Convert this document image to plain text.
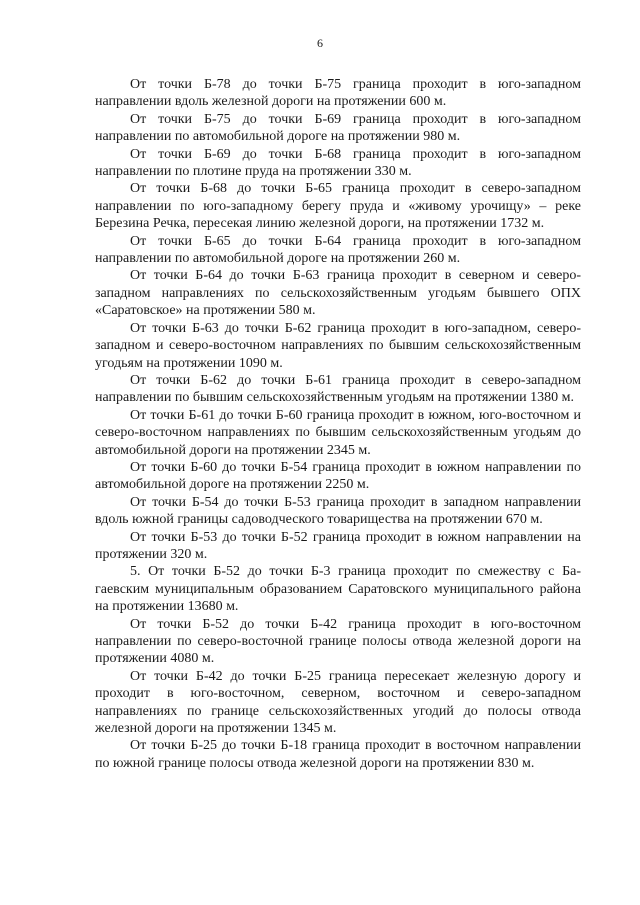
6

От точки Б-78 до точки Б-75 граница проходит в юго-западном направлении вдоль железной дороги на протяжении 600 м.

От точки Б-75 до точки Б-69 граница проходит в юго-западном направлении по автомобильной дороге на протяжении 980 м.

От точки Б-69 до точки Б-68 граница проходит в юго-западном направлении по плотине пруда на протяжении 330 м.

От точки Б-68 до точки Б-65 граница проходит в северо-западном направлении по юго-западному берегу пруда и «живому урочищу» – реке Березина Речка, пересекая линию железной дороги, на протяжении 1732 м.

От точки Б-65 до точки Б-64 граница проходит в юго-западном направлении по автомобильной дороге на протяжении 260 м.

От точки Б-64 до точки Б-63 граница проходит в северном и северо-западном направлениях по сельскохозяйственным угодьям бывшего ОПХ «Саратовское» на протяжении 580 м.

От точки Б-63 до точки Б-62 граница проходит в юго-западном, северо-западном и северо-восточном направлениях по бывшим сельскохозяйственным угодьям на протяжении 1090 м.

От точки Б-62 до точки Б-61 граница проходит в северо-западном направлении по бывшим сельскохозяйственным угодьям на протяжении 1380 м.

От точки Б-61 до точки Б-60 граница проходит в южном, юго-восточном и северо-восточном направлениях по бывшим сельскохозяйственным угодьям до автомобильной дороги на протяжении 2345 м.

От точки Б-60 до точки Б-54 граница проходит в южном направлении по автомобильной дороге на протяжении 2250 м.

От точки Б-54 до точки Б-53 граница проходит в западном направлении вдоль южной границы садоводческого товарищества на протяжении 670 м.

От точки Б-53 до точки Б-52 граница проходит в южном направлении на протяжении 320 м.

5. От точки Б-52 до точки Б-3 граница проходит по смежеству с Багаевским муниципальным образованием Саратовского муниципального района на протяжении 13680 м.

От точки Б-52 до точки Б-42 граница проходит в юго-восточном направлении по северо-восточной границе полосы отвода железной дороги на протяжении 4080 м.

От точки Б-42 до точки Б-25 граница пересекает железную дорогу и проходит в юго-восточном, северном, восточном и северо-западном направлениях по границе сельскохозяйственных угодий до полосы отвода железной дороги на протяжении 1345 м.

От точки Б-25 до точки Б-18 граница проходит в восточном направлении по южной границе полосы отвода железной дороги на протяжении 830 м.
